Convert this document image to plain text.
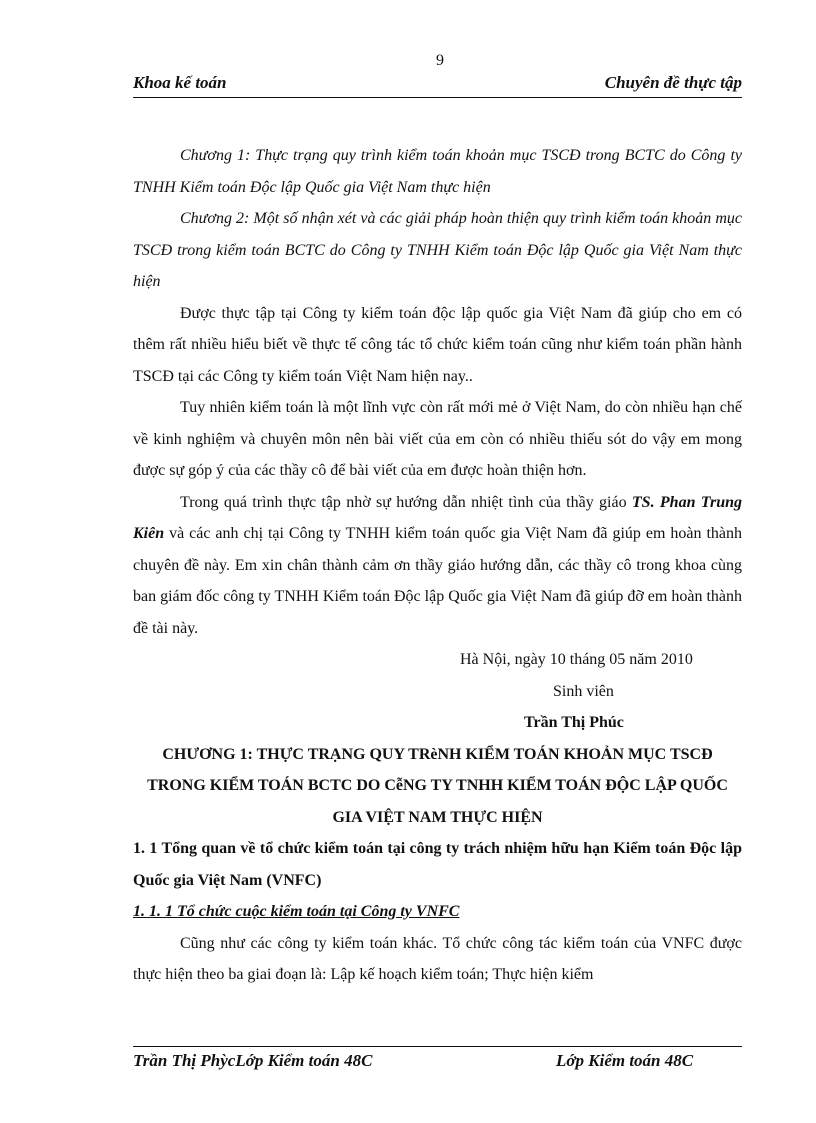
9
Khoa kế toán	Chuyên đề thực tập

Chương 1: Thực trạng quy trình kiểm toán khoản mục TSCĐ trong BCTC do Công ty TNHH Kiểm toán Độc lập Quốc gia Việt Nam thực hiện

Chương 2: Một số nhận xét và các giải pháp hoàn thiện quy trình kiểm toán khoản mục TSCĐ trong kiểm toán BCTC do Công ty TNHH Kiểm toán Độc lập Quốc gia Việt Nam thực hiện

Được thực tập tại Công ty kiểm toán độc lập quốc gia Việt Nam đã giúp cho em có thêm rất nhiều hiểu biết về thực tế công tác tổ chức kiểm toán cũng như kiểm toán phần hành TSCĐ tại các Công ty kiểm toán Việt Nam hiện nay..

Tuy nhiên kiểm toán là một lĩnh vực còn rất mới mẻ ở Việt Nam, do còn nhiều hạn chế về kinh nghiệm và chuyên môn nên bài viết của em còn có nhiều thiếu sót do vậy em mong được sự góp ý của các thầy cô để bài viết của em được hoàn thiện hơn.

Trong quá trình thực tập nhờ sự hướng dẫn nhiệt tình của thầy giáo TS. Phan Trung Kiên và các anh chị tại Công ty TNHH kiểm toán quốc gia Việt Nam đã giúp em hoàn thành chuyên đề này. Em xin chân thành cảm ơn thầy giáo hướng dẫn, các thầy cô trong khoa cùng ban giám đốc công ty TNHH Kiểm toán Độc lập Quốc gia Việt Nam đã giúp đỡ em hoàn thành đề tài này.

Hà Nội, ngày 10 tháng 05 năm 2010
Sinh viên
Trần Thị Phúc

CHƯƠNG 1: THỰC TRẠNG QUY TRèNH KIỂM TOÁN KHOẢN MỤC TSCĐ TRONG KIỂM TOÁN BCTC DO CễNG TY TNHH KIỂM TOÁN ĐỘC LẬP QUỐC GIA VIỆT NAM THỰC HIỆN

1. 1 Tổng quan về tổ chức kiểm toán tại công ty trách nhiệm hữu hạn Kiểm toán Độc lập Quốc gia Việt Nam (VNFC)

1. 1. 1 Tổ chức cuộc kiểm toán tại Công ty VNFC

Cũng như các công ty kiểm toán khác. Tổ chức công tác kiểm toán của VNFC được thực hiện theo ba giai đoạn là: Lập kế hoạch kiểm toán; Thực hiện kiểm

Trần Thị PhỳcLớp Kiểm toán 48C	Lớp Kiểm toán 48C
